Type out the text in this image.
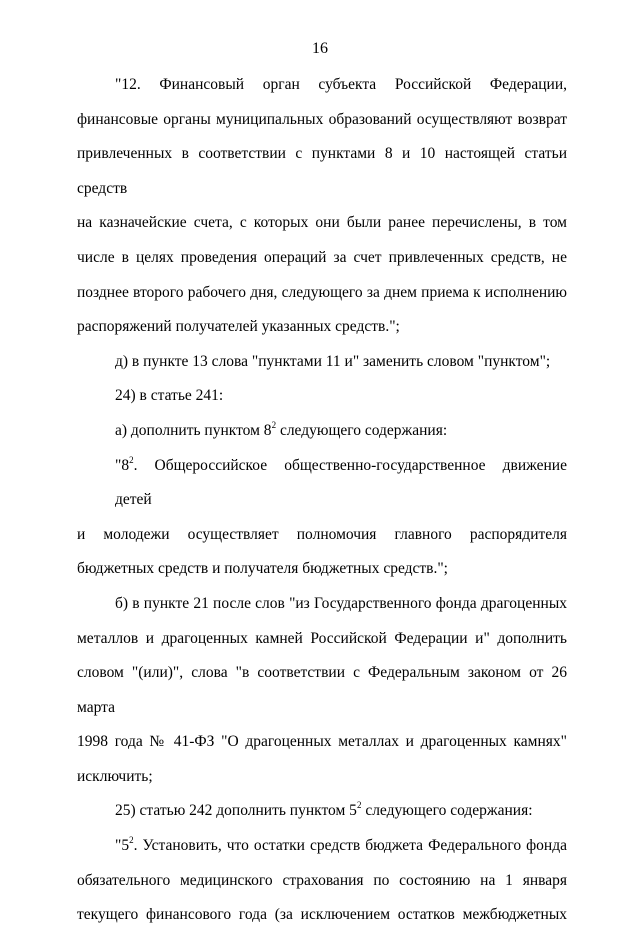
16
"12. Финансовый орган субъекта Российской Федерации,
финансовые органы муниципальных образований осуществляют возврат
привлеченных в соответствии с пунктами 8 и 10 настоящей статьи средств
на казначейские счета, с которых они были ранее перечислены, в том
числе в целях проведения операций за счет привлеченных средств, не
позднее второго рабочего дня, следующего за днем приема к исполнению
распоряжений получателей указанных средств.";
д) в пункте 13 слова "пунктами 11 и" заменить словом "пунктом";
24) в статье 241:
а) дополнить пунктом $8^2$ следующего содержания:
"$8^2$. Общероссийское общественно-государственное движение детей
и молодежи осуществляет полномочия главного распорядителя
бюджетных средств и получателя бюджетных средств.";
б) в пункте 21 после слов "из Государственного фонда драгоценных
металлов и драгоценных камней Российской Федерации и" дополнить
словом "(или)", слова "в соответствии с Федеральным законом от 26 марта
1998 года № 41-ФЗ "О драгоценных металлах и драгоценных камнях"
исключить;
25) статью 242 дополнить пунктом $5^2$ следующего содержания:
"$5^2$. Установить, что остатки средств бюджета Федерального фонда
обязательного медицинского страхования по состоянию на 1 января
текущего финансового года (за исключением остатков межбюджетных
